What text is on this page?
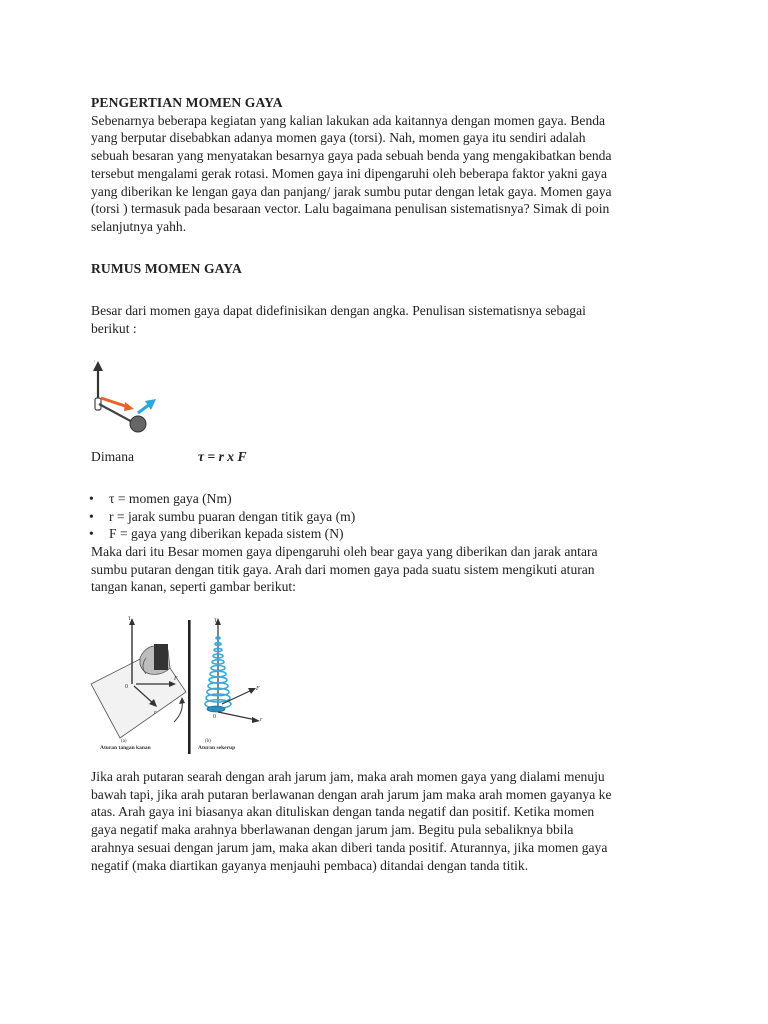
PENGERTIAN MOMEN GAYA
Sebenarnya beberapa kegiatan yang kalian lakukan ada kaitannya dengan momen gaya. Benda
yang berputar disebabkan adanya momen gaya (torsi). Nah, momen gaya itu sendiri adalah
sebuah besaran yang menyatakan besarnya gaya pada sebuah benda yang mengakibatkan benda
tersebut mengalami gerak rotasi. Momen gaya ini dipengaruhi oleh beberapa faktor yakni gaya
yang diberikan ke lengan gaya dan panjang/ jarak sumbu putar dengan letak gaya. Momen gaya
(torsi ) termasuk pada besaraan vector. Lalu bagaimana penulisan sistematisnya? Simak di poin
selanjutnya yahh.
RUMUS MOMEN GAYA
Besar dari momen gaya dapat didefinisikan dengan angka. Penulisan sistematisnya sebagai
berikut :
τ
Dimana	τ = r x F
• τ = momen gaya (Nm)
• r = jarak sumbu puaran dengan titik gaya (m)
• F = gaya yang diberikan kepada sistem (N)
Maka dari itu Besar momen gaya dipengaruhi oleh bear gaya yang diberikan dan jarak antara
sumbu putaran dengan titik gaya. Arah dari momen gaya pada suatu sistem mengikuti aturan
tangan kanan, seperti gambar berikut:
τ
F
r
0
(a)
Aturan tangan kanan
τ
F
r
0
(b)
Aturan sekerup
Jika arah putaran searah dengan arah jarum jam, maka arah momen gaya yang dialami menuju
bawah tapi, jika arah putaran berlawanan dengan arah jarum jam maka arah momen gayanya ke
atas. Arah gaya ini biasanya akan dituliskan dengan tanda negatif dan positif. Ketika momen
gaya negatif maka arahnya bberlawanan dengan jarum jam. Begitu pula sebaliknya bbila
arahnya sesuai dengan jarum jam, maka akan diberi tanda positif. Aturannya, jika momen gaya
negatif (maka diartikan gayanya menjauhi pembaca) ditandai dengan tanda titik.
